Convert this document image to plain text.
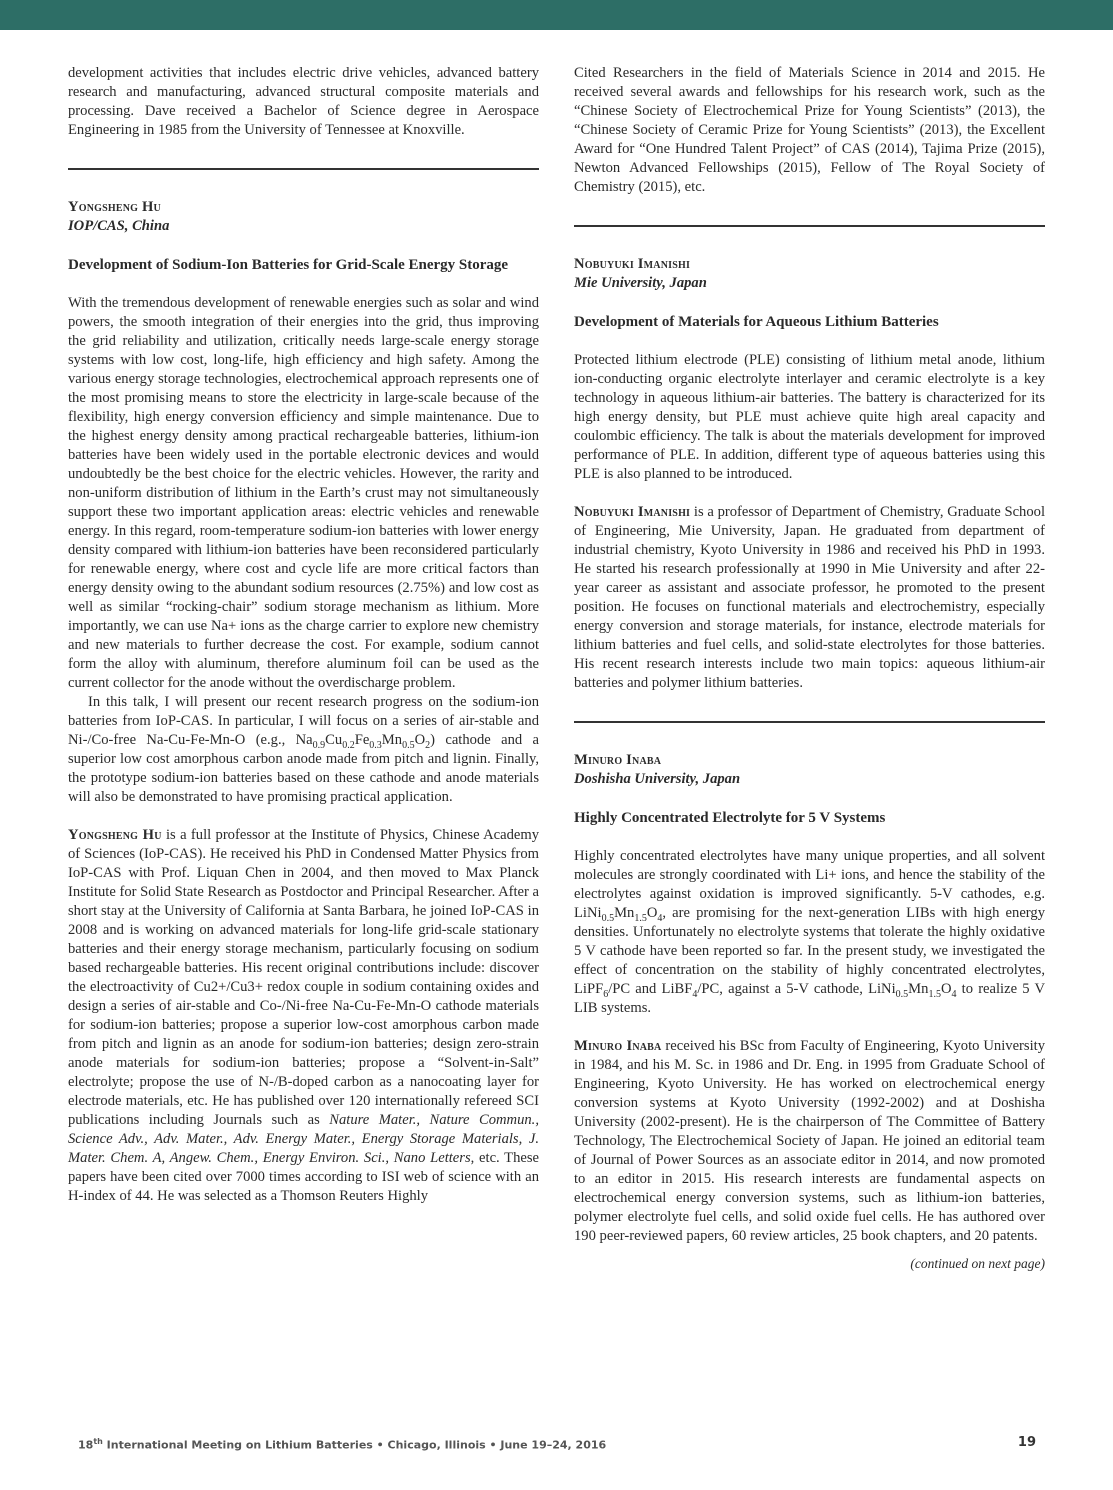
development activities that includes electric drive vehicles, advanced battery research and manufacturing, advanced structural composite materials and processing. Dave received a Bachelor of Science degree in Aerospace Engineering in 1985 from the University of Tennessee at Knoxville.

Yongsheng Hu
IOP/CAS, China
Development of Sodium-Ion Batteries for Grid-Scale Energy Storage

With the tremendous development of renewable energies such as solar and wind powers, the smooth integration of their energies into the grid, thus improving the grid reliability and utilization, critically needs large-scale energy storage systems with low cost, long-life, high efficiency and high safety. Among the various energy storage technologies, electrochemical approach represents one of the most promising means to store the electricity in large-scale because of the flexibility, high energy conversion efficiency and simple maintenance. Due to the highest energy density among practical rechargeable batteries, lithium-ion batteries have been widely used in the portable electronic devices and would undoubtedly be the best choice for the electric vehicles. However, the rarity and non-uniform distribution of lithium in the Earth’s crust may not simultaneously support these two important application areas: electric vehicles and renewable energy. In this regard, room-temperature sodium-ion batteries with lower energy density compared with lithium-ion batteries have been reconsidered particularly for renewable energy, where cost and cycle life are more critical factors than energy density owing to the abundant sodium resources (2.75%) and low cost as well as similar “rocking-chair” sodium storage mechanism as lithium. More importantly, we can use Na+ ions as the charge carrier to explore new chemistry and new materials to further decrease the cost. For example, sodium cannot form the alloy with aluminum, therefore aluminum foil can be used as the current collector for the anode without the overdischarge problem.

In this talk, I will present our recent research progress on the sodium-ion batteries from IoP-CAS. In particular, I will focus on a series of air-stable and Ni-/Co-free Na-Cu-Fe-Mn-O (e.g., $Na_{0.9}Cu_{0.2}Fe_{0.3}Mn_{0.5}O_2$) cathode and a superior low cost amorphous carbon anode made from pitch and lignin. Finally, the prototype sodium-ion batteries based on these cathode and anode materials will also be demonstrated to have promising practical application.

Yongsheng Hu is a full professor at the Institute of Physics, Chinese Academy of Sciences (IoP-CAS). He received his PhD in Condensed Matter Physics from IoP-CAS with Prof. Liquan Chen in 2004, and then moved to Max Planck Institute for Solid State Research as Postdoctor and Principal Researcher. After a short stay at the University of California at Santa Barbara, he joined IoP-CAS in 2008 and is working on advanced materials for long-life grid-scale stationary batteries and their energy storage mechanism, particularly focusing on sodium based rechargeable batteries. His recent original contributions include: discover the electroactivity of Cu2+/Cu3+ redox couple in sodium containing oxides and design a series of air-stable and Co-/Ni-free Na-Cu-Fe-Mn-O cathode materials for sodium-ion batteries; propose a superior low-cost amorphous carbon made from pitch and lignin as an anode for sodium-ion batteries; design zero-strain anode materials for sodium-ion batteries; propose a “Solvent-in-Salt” electrolyte; propose the use of N-/B-doped carbon as a nanocoating layer for electrode materials, etc. He has published over 120 internationally refereed SCI publications including Journals such as Nature Mater., Nature Commun., Science Adv., Adv. Mater., Adv. Energy Mater., Energy Storage Materials, J. Mater. Chem. A, Angew. Chem., Energy Environ. Sci., Nano Letters, etc. These papers have been cited over 7000 times according to ISI web of science with an H-index of 44. He was selected as a Thomson Reuters Highly

Cited Researchers in the field of Materials Science in 2014 and 2015. He received several awards and fellowships for his research work, such as the “Chinese Society of Electrochemical Prize for Young Scientists” (2013), the “Chinese Society of Ceramic Prize for Young Scientists” (2013), the Excellent Award for “One Hundred Talent Project” of CAS (2014), Tajima Prize (2015), Newton Advanced Fellowships (2015), Fellow of The Royal Society of Chemistry (2015), etc.

Nobuyuki Imanishi
Mie University, Japan
Development of Materials for Aqueous Lithium Batteries

Protected lithium electrode (PLE) consisting of lithium metal anode, lithium ion-conducting organic electrolyte interlayer and ceramic electrolyte is a key technology in aqueous lithium-air batteries. The battery is characterized for its high energy density, but PLE must achieve quite high areal capacity and coulombic efficiency. The talk is about the materials development for improved performance of PLE. In addition, different type of aqueous batteries using this PLE is also planned to be introduced.

Nobuyuki Imanishi is a professor of Department of Chemistry, Graduate School of Engineering, Mie University, Japan. He graduated from department of industrial chemistry, Kyoto University in 1986 and received his PhD in 1993. He started his research professionally at 1990 in Mie University and after 22-year career as assistant and associate professor, he promoted to the present position. He focuses on functional materials and electrochemistry, especially energy conversion and storage materials, for instance, electrode materials for lithium batteries and fuel cells, and solid-state electrolytes for those batteries. His recent research interests include two main topics: aqueous lithium-air batteries and polymer lithium batteries.

Minuro Inaba
Doshisha University, Japan
Highly Concentrated Electrolyte for 5 V Systems

Highly concentrated electrolytes have many unique properties, and all solvent molecules are strongly coordinated with Li+ ions, and hence the stability of the electrolytes against oxidation is improved significantly. 5-V cathodes, e.g. $LiNi_{0.5}Mn_{1.5}O_4$, are promising for the next-generation LIBs with high energy densities. Unfortunately no electrolyte systems that tolerate the highly oxidative 5 V cathode have been reported so far. In the present study, we investigated the effect of concentration on the stability of highly concentrated electrolytes, LiPF$_6$/PC and LiBF$_4$/PC, against a 5-V cathode, $LiNi_{0.5}Mn_{1.5}O_4$ to realize 5 V LIB systems.

Minuro Inaba received his BSc from Faculty of Engineering, Kyoto University in 1984, and his M. Sc. in 1986 and Dr. Eng. in 1995 from Graduate School of Engineering, Kyoto University. He has worked on electrochemical energy conversion systems at Kyoto University (1992-2002) and at Doshisha University (2002-present). He is the chairperson of The Committee of Battery Technology, The Electrochemical Society of Japan. He joined an editorial team of Journal of Power Sources as an associate editor in 2014, and now promoted to an editor in 2015. His research interests are fundamental aspects on electrochemical energy conversion systems, such as lithium-ion batteries, polymer electrolyte fuel cells, and solid oxide fuel cells. He has authored over 190 peer-reviewed papers, 60 review articles, 25 book chapters, and 20 patents.

(continued on next page)
18th International Meeting on Lithium Batteries • Chicago, Illinois • June 19–24, 2016	19
